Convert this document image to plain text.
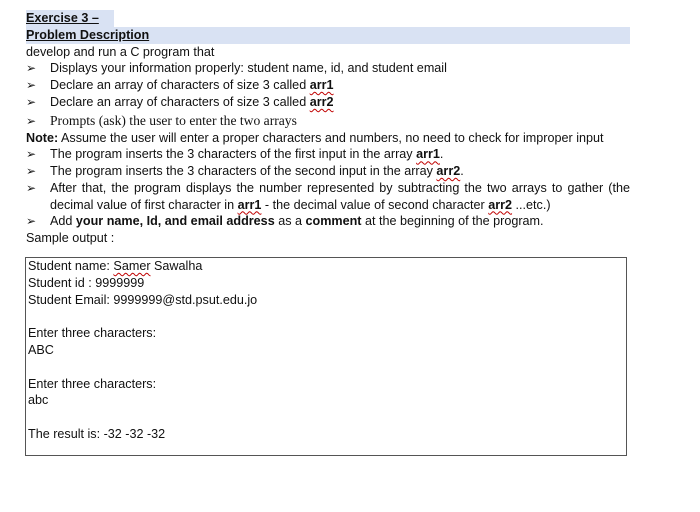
Exercise 3 –
Problem Description
develop and run a C program that
➢	Displays your information properly: student name, id, and student email
➢	Declare an array of characters of size 3 called arr1
➢	Declare an array of characters of size 3 called arr2
➢	Prompts (ask) the user to enter the two arrays
Note: Assume the user will enter a proper characters and numbers, no need to check for improper input
➢	The program inserts the 3 characters of the first input in the array arr1.
➢	The program inserts the 3 characters of the second input in the array arr2.
➢	After that, the program displays the number represented by subtracting the two arrays to gather (the decimal value of first character in arr1 - the decimal value of second character arr2 ...etc.)
➢	Add your name, Id, and email address as a comment at the beginning of the program.
Sample output :
Student name: Samer Sawalha
Student id : 9999999
Student Email: 9999999@std.psut.edu.jo
Enter three characters:
ABC
Enter three characters:
abc
The result is: -32 -32 -32
